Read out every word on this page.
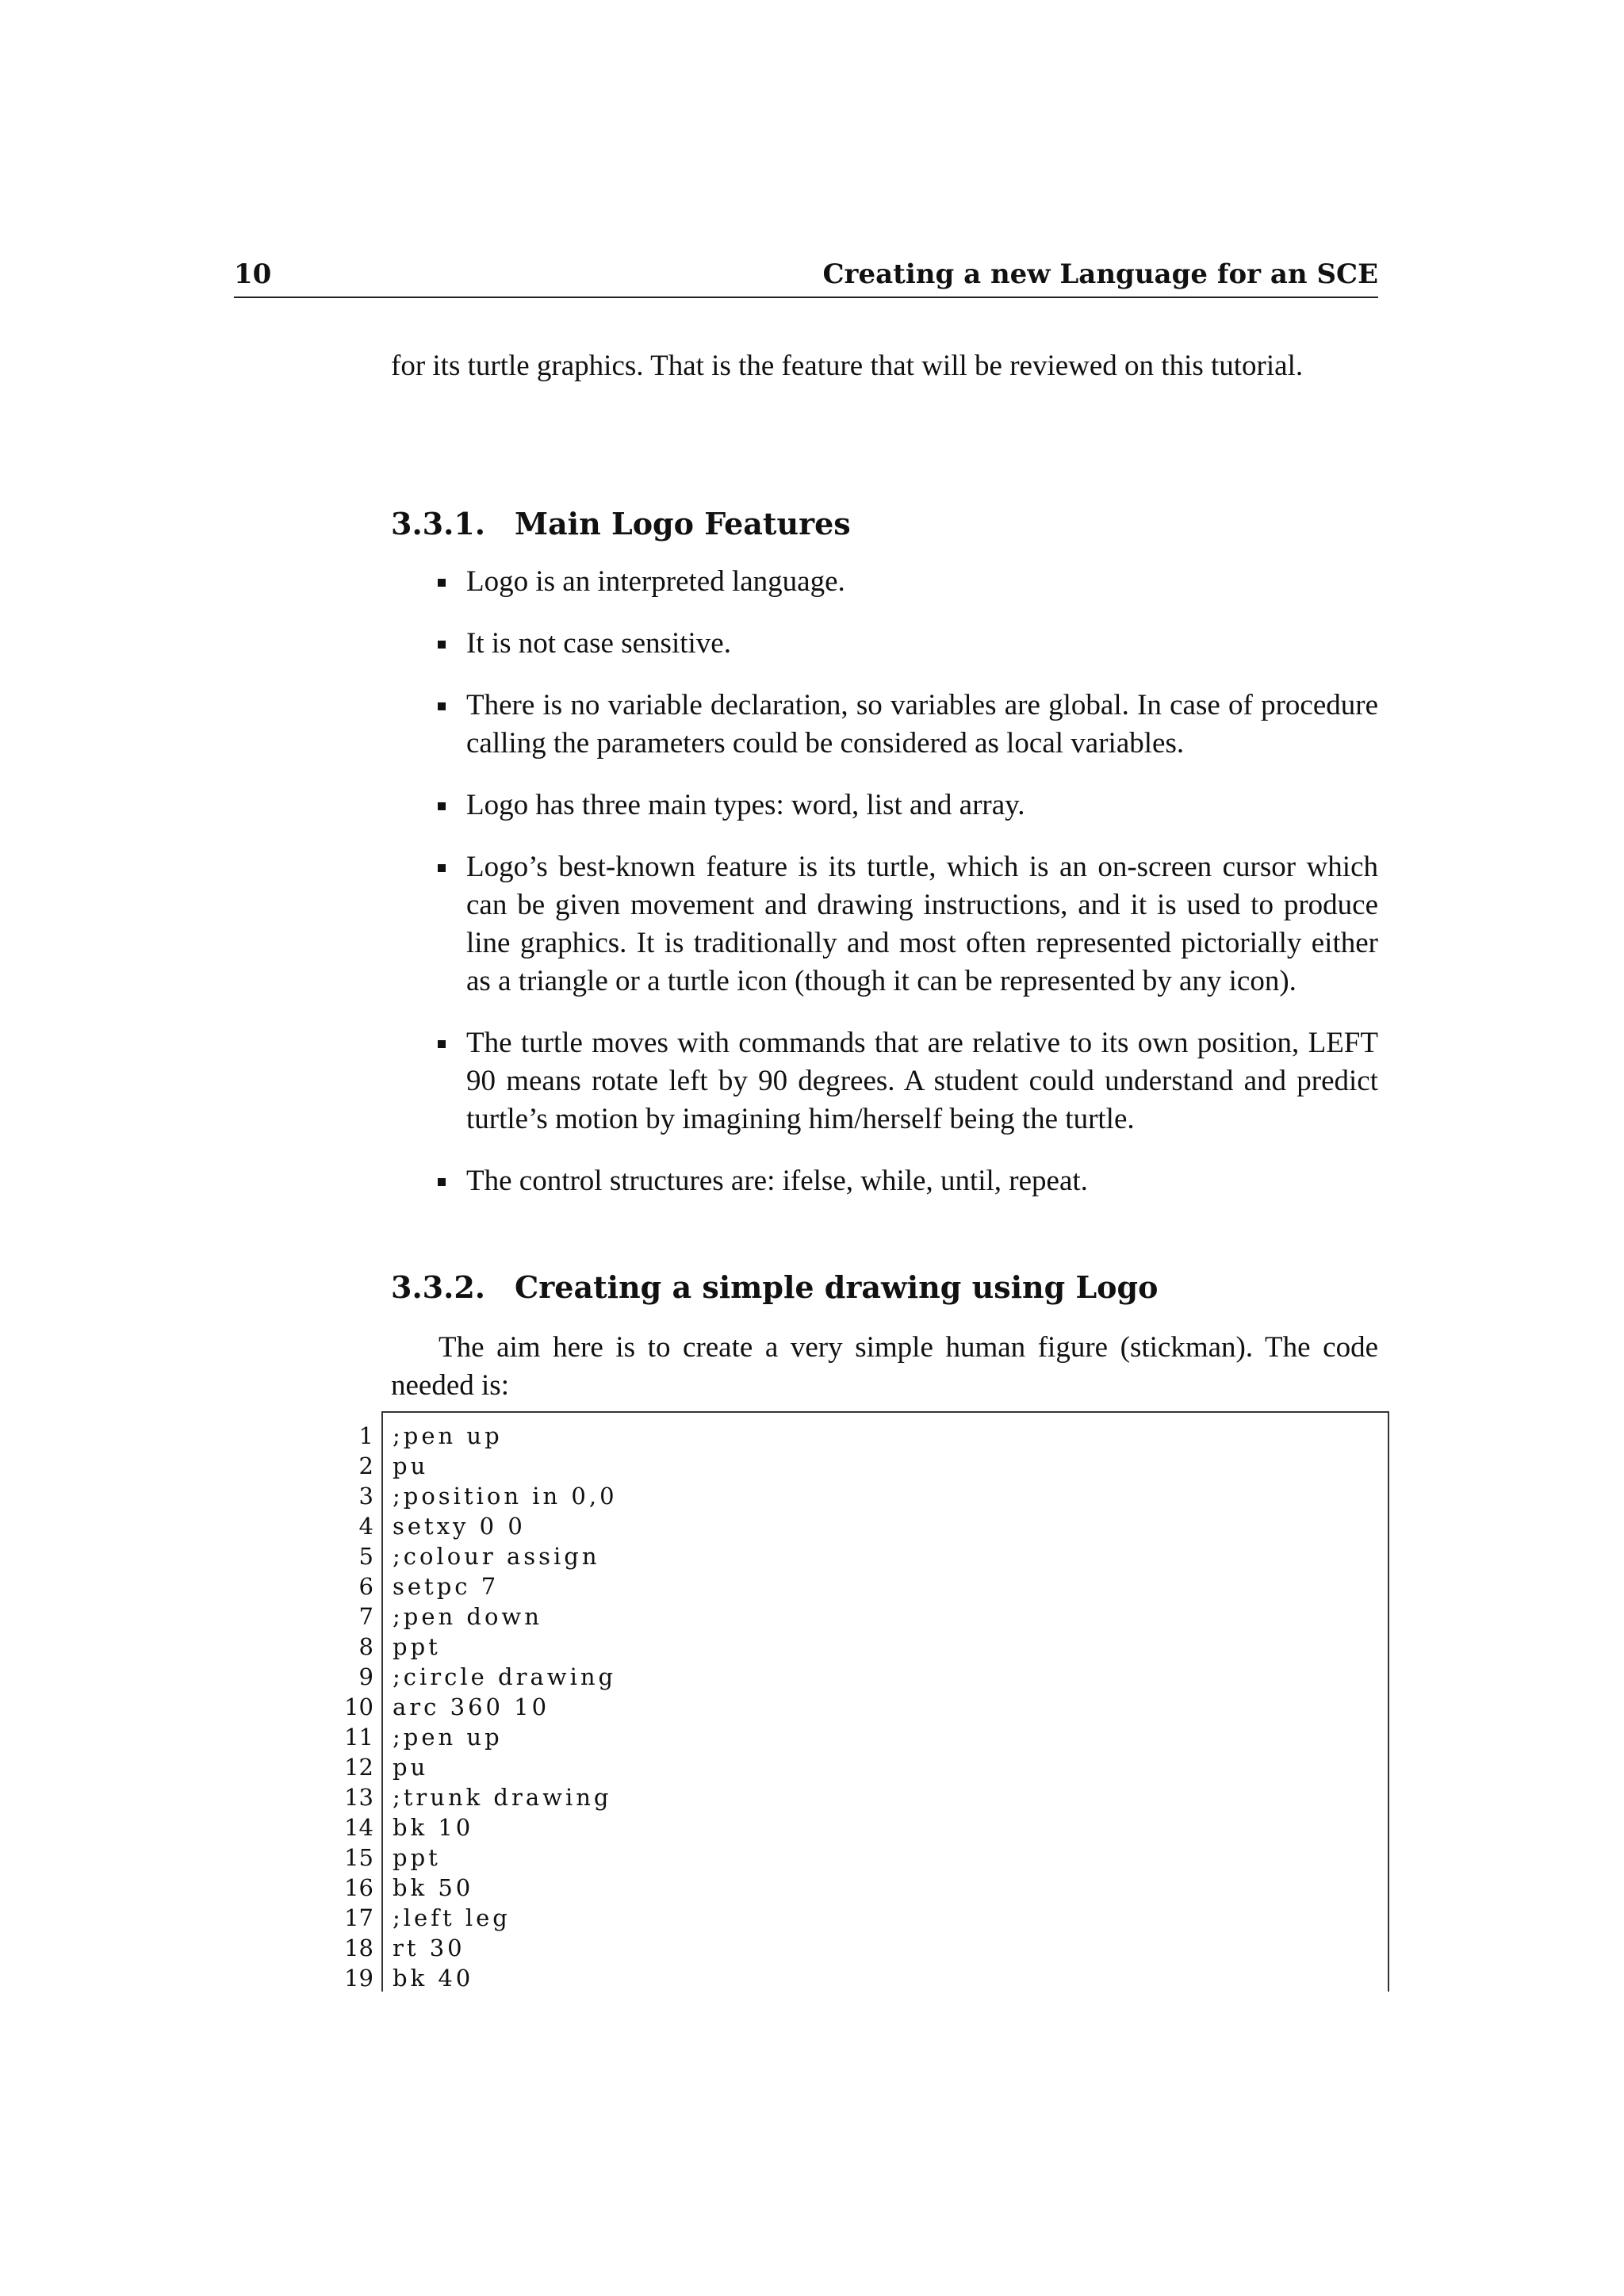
10	Creating a new Language for an SCE
for its turtle graphics. That is the feature that will be reviewed on this tutorial.
3.3.1. Main Logo Features
Logo is an interpreted language.
It is not case sensitive.
There is no variable declaration, so variables are global. In case of procedure calling the parameters could be considered as local variables.
Logo has three main types: word, list and array.
Logo’s best-known feature is its turtle, which is an on-screen cursor which can be given movement and drawing instructions, and it is used to produce line graphics. It is traditionally and most often represented pictorially either as a triangle or a turtle icon (though it can be represented by any icon).
The turtle moves with commands that are relative to its own position, LEFT 90 means rotate left by 90 degrees. A student could understand and predict turtle’s motion by imagining him/herself being the turtle.
The control structures are: ifelse, while, until, repeat.
3.3.2. Creating a simple drawing using Logo
The aim here is to create a very simple human figure (stickman). The code needed is:
1 ;pen up
2 pu
3 ;position in 0,0
4 setxy 0 0
5 ;colour assign
6 setpc 7
7 ;pen down
8 ppt
9 ;circle drawing
10 arc 360 10
11 ;pen up
12 pu
13 ;trunk drawing
14 bk 10
15 ppt
16 bk 50
17 ;left leg
18 rt 30
19 bk 40
